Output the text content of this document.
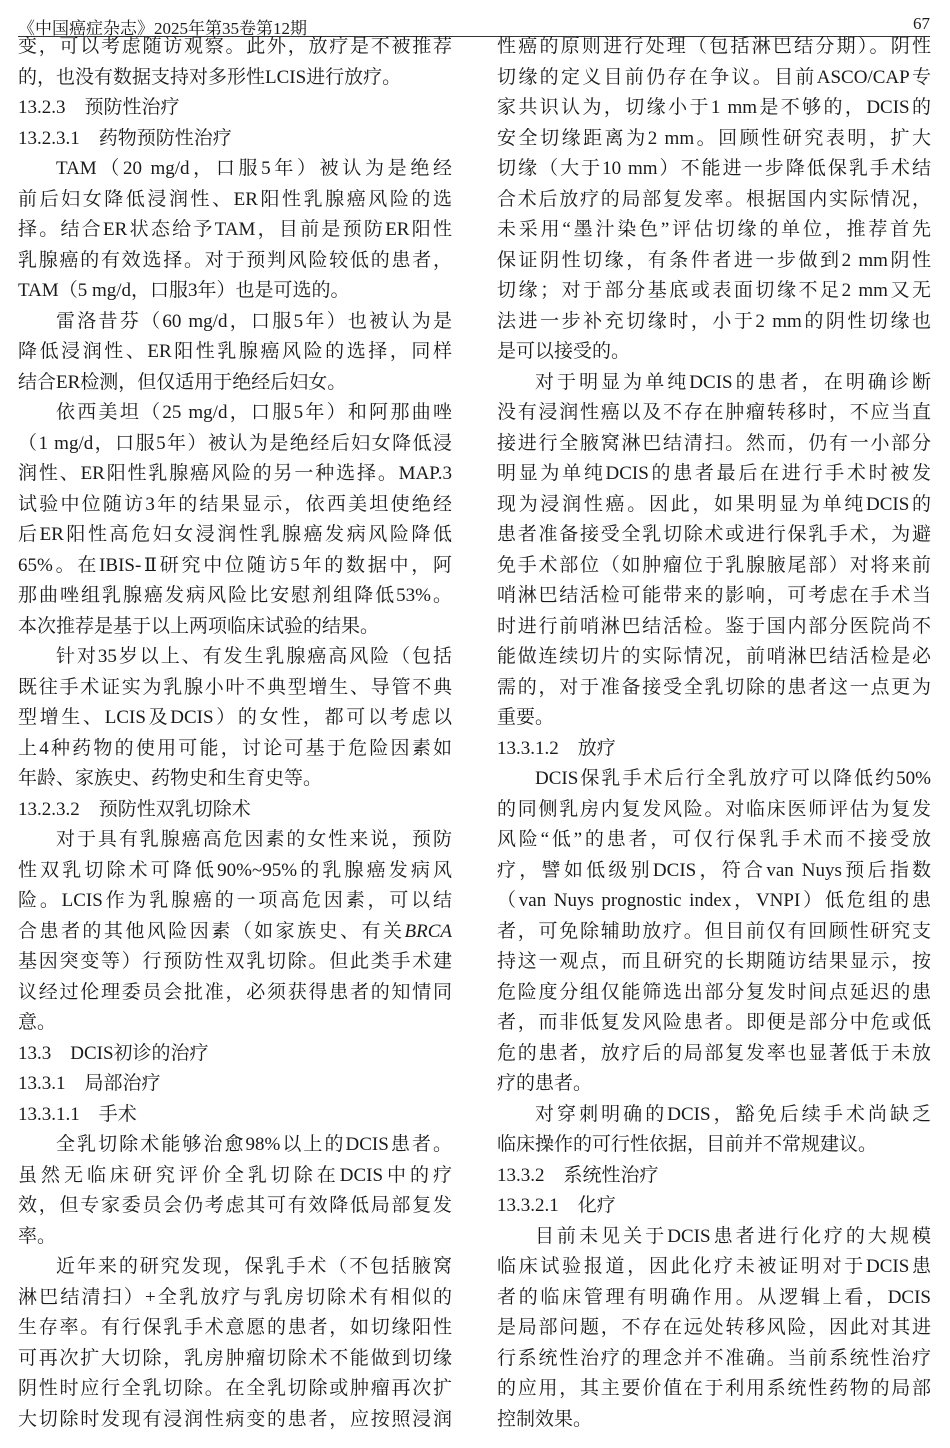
《中国癌症杂志》2025年第35卷第12期	67
变，可以考虑随访观察。此外，放疗是不被推荐
的，也没有数据支持对多形性LCIS进行放疗。
13.2.3　预防性治疗
13.2.3.1　药物预防性治疗
TAM（20 mg/d，口服5年）被认为是绝经
前后妇女降低浸润性、ER阳性乳腺癌风险的选
择。结合ER状态给予TAM，目前是预防ER阳性
乳腺癌的有效选择。对于预判风险较低的患者，
TAM（5 mg/d，口服3年）也是可选的。
雷洛昔芬（60 mg/d，口服5年）也被认为是
降低浸润性、ER阳性乳腺癌风险的选择，同样
结合ER检测，但仅适用于绝经后妇女。
依西美坦（25 mg/d，口服5年）和阿那曲唑
（1 mg/d，口服5年）被认为是绝经后妇女降低浸
润性、ER阳性乳腺癌风险的另一种选择。MAP.3
试验中位随访3年的结果显示，依西美坦使绝经
后ER阳性高危妇女浸润性乳腺癌发病风险降低
65%。在IBIS-Ⅱ研究中位随访5年的数据中，阿
那曲唑组乳腺癌发病风险比安慰剂组降低53%。
本次推荐是基于以上两项临床试验的结果。
针对35岁以上、有发生乳腺癌高风险（包括
既往手术证实为乳腺小叶不典型增生、导管不典
型增生、LCIS及DCIS）的女性，都可以考虑以
上4种药物的使用可能，讨论可基于危险因素如
年龄、家族史、药物史和生育史等。
13.2.3.2　预防性双乳切除术
对于具有乳腺癌高危因素的女性来说，预防
性双乳切除术可降低90%~95%的乳腺癌发病风
险。LCIS作为乳腺癌的一项高危因素，可以结
合患者的其他风险因素（如家族史、有关BRCA
基因突变等）行预防性双乳切除。但此类手术建
议经过伦理委员会批准，必须获得患者的知情同
意。
13.3　DCIS初诊的治疗
13.3.1　局部治疗
13.3.1.1　手术
全乳切除术能够治愈98%以上的DCIS患者。
虽然无临床研究评价全乳切除在DCIS中的疗
效，但专家委员会仍考虑其可有效降低局部复发
率。
近年来的研究发现，保乳手术（不包括腋窝
淋巴结清扫）+全乳放疗与乳房切除术有相似的
生存率。有行保乳手术意愿的患者，如切缘阳性
可再次扩大切除，乳房肿瘤切除术不能做到切缘
阴性时应行全乳切除。在全乳切除或肿瘤再次扩
大切除时发现有浸润性病变的患者，应按照浸润
性癌的原则进行处理（包括淋巴结分期）。阴性
切缘的定义目前仍存在争议。目前ASCO/CAP专
家共识认为，切缘小于1 mm是不够的，DCIS的
安全切缘距离为2 mm。回顾性研究表明，扩大
切缘（大于10 mm）不能进一步降低保乳手术结
合术后放疗的局部复发率。根据国内实际情况，
未采用“墨汁染色”评估切缘的单位，推荐首先
保证阴性切缘，有条件者进一步做到2 mm阴性
切缘；对于部分基底或表面切缘不足2 mm又无
法进一步补充切缘时，小于2 mm的阴性切缘也
是可以接受的。
对于明显为单纯DCIS的患者，在明确诊断
没有浸润性癌以及不存在肿瘤转移时，不应当直
接进行全腋窝淋巴结清扫。然而，仍有一小部分
明显为单纯DCIS的患者最后在进行手术时被发
现为浸润性癌。因此，如果明显为单纯DCIS的
患者准备接受全乳切除术或进行保乳手术，为避
免手术部位（如肿瘤位于乳腺腋尾部）对将来前
哨淋巴结活检可能带来的影响，可考虑在手术当
时进行前哨淋巴结活检。鉴于国内部分医院尚不
能做连续切片的实际情况，前哨淋巴结活检是必
需的，对于准备接受全乳切除的患者这一点更为
重要。
13.3.1.2　放疗
DCIS保乳手术后行全乳放疗可以降低约50%
的同侧乳房内复发风险。对临床医师评估为复发
风险“低”的患者，可仅行保乳手术而不接受放
疗，譬如低级别DCIS，符合van Nuys预后指数
（van Nuys prognostic index，VNPI）低危组的患
者，可免除辅助放疗。但目前仅有回顾性研究支
持这一观点，而且研究的长期随访结果显示，按
危险度分组仅能筛选出部分复发时间点延迟的患
者，而非低复发风险患者。即便是部分中危或低
危的患者，放疗后的局部复发率也显著低于未放
疗的患者。
对穿刺明确的DCIS，豁免后续手术尚缺乏
临床操作的可行性依据，目前并不常规建议。
13.3.2　系统性治疗
13.3.2.1　化疗
目前未见关于DCIS患者进行化疗的大规模
临床试验报道，因此化疗未被证明对于DCIS患
者的临床管理有明确作用。从逻辑上看，DCIS
是局部问题，不存在远处转移风险，因此对其进
行系统性治疗的理念并不准确。当前系统性治疗
的应用，其主要价值在于利用系统性药物的局部
控制效果。
